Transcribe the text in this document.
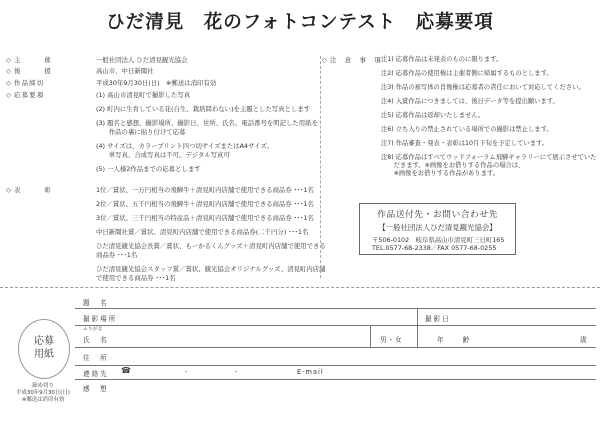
ひだ清見　花のフォトコンテスト　応募要項
◇ 主　　　催	一般社団法人 ひだ清見観光協会
◇ 後　　　援	高山市、中日新聞社
◇ 作品締切	平成30年9月30日(日)　※郵送は消印有効
◇ 応募要項	(1) 高山市清見町で撮影した写真
(2) 町内に生育している花(自生、栽培問わない)を主題とした写真とします
(3) 題名と感想、撮影場所、撮影日、住所、氏名、電話番号を明記した用紙を
　　作品の裏に貼り付けて応募
(4) サイズは、カラープリント四つ切サイズまたはA4サイズ。
　　単写真、合成写真は不可。デジタル写真可
(5) 一人様2作品までの応募とします
◇ 表　　　彰	1位／賞状、一万円相当の飛騨牛＋清見町内店舗で使用できる商品券 ･･･1名
2位／賞状、五千円相当の飛騨牛＋清見町内店舗で使用できる商品券 ･･･1名
3位／賞状、三千円相当の特産品＋清見町内店舗で使用できる商品券 ･･･1名
中日新聞社賞／賞状、清見町内店舗で使用できる商品券(二千円分) ･･･1名
ひだ清見観光協会長賞／賞状、もーかるくんグッズ＋清見町内店舗で使用できる
商品券 ･･･1名
ひだ清見観光協会スタッフ賞／賞状、観光協会オリジナルグッズ、清見町内店舗
で使用できる商品券 ･･･1名
◇ 注　意　事　項 注1) 応募作品は未発表のものに限ります。
注2) 応募作品の使用権は主催者側に帰属するものとします。
注3) 作品の被写体の肖像権は応募者の責任において対応してください。
注4) 入賞作品につきましては、後日データ等を提出願います。
注5) 応募作品は返却いたしません。
注6) 立ち入りの禁止されている場所での撮影は禁止します。
注7) 作品審査・発表・表彰は10月下旬を予定しています。
注8) 応募作品はすべてウッドフォーラム飛騨ギャラリーにて展示させていた
　　だきます。※画像をお借りする作品の場合は、
　　※画像をお借りする作品があります。
作品送付先・お問い合わせ先
【一般社団法人ひだ清見観光協会】
〒506-0102　岐阜県高山市清見町三日町165
TEL.0577-68-2338／FAX 0577-68-0255
応募
用紙
締め切り
平成30年9月30日(日)
※郵送は消印有効
題　名
撮影場所	撮影日
ふりがな
氏　名	男・女	年　　齢	歳
住　所
連絡先 ☎	-	-	E-mail
感　想
